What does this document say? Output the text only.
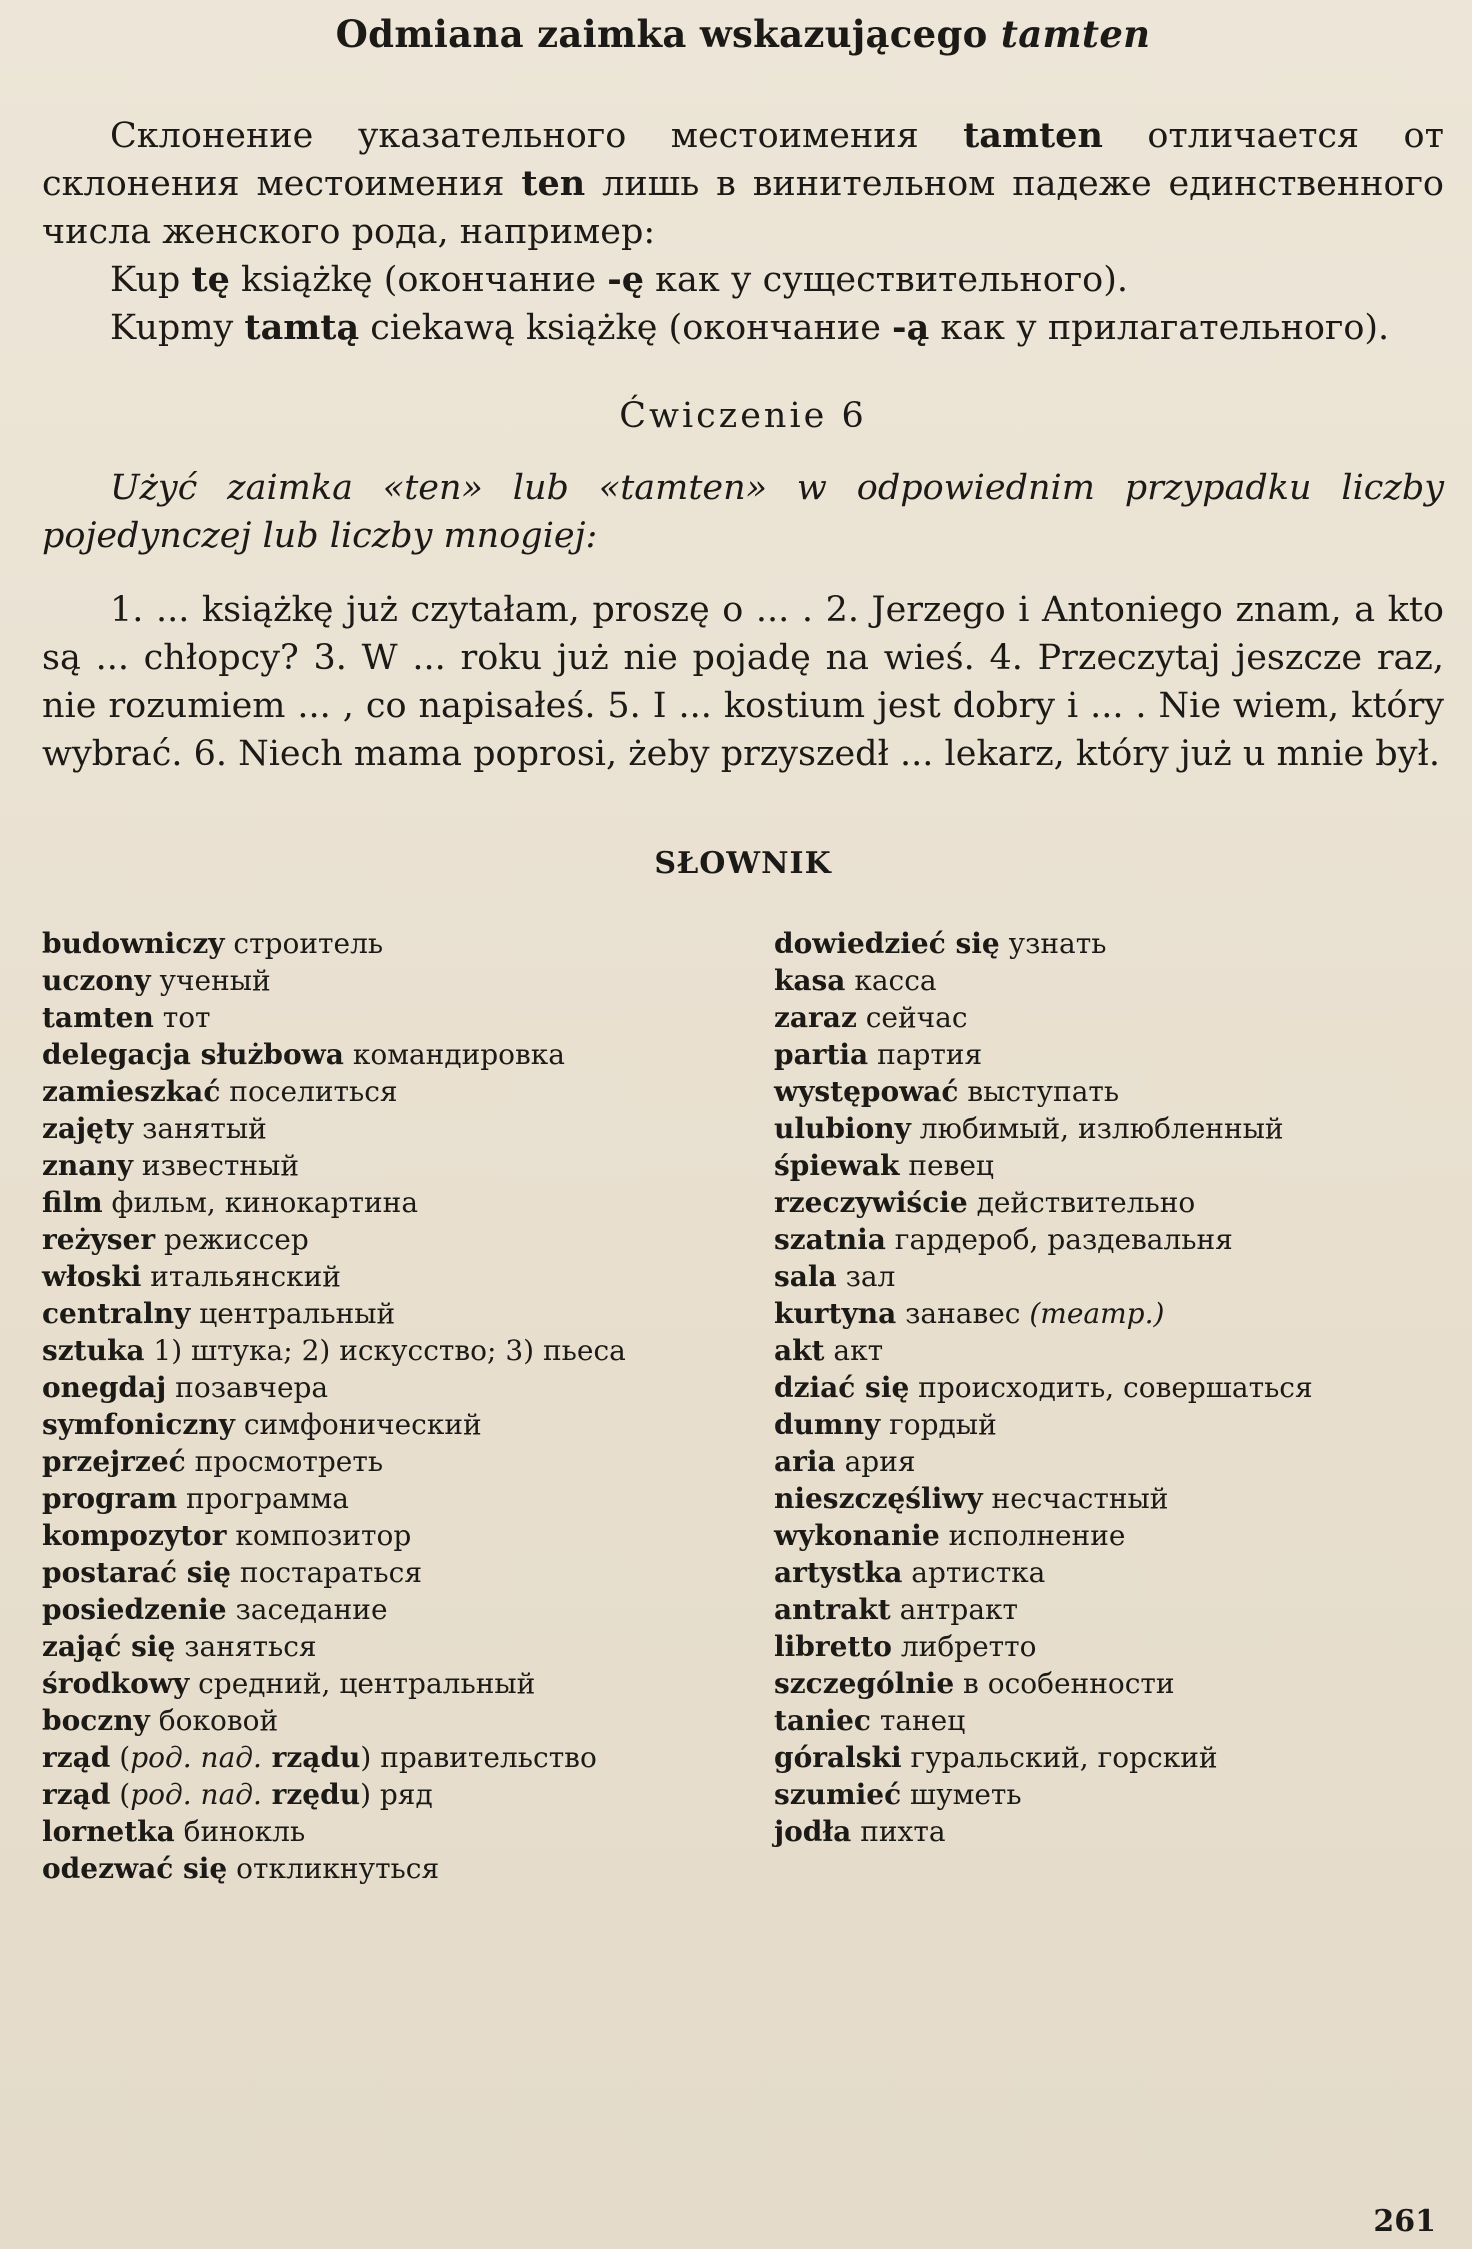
Odmiana zaimka wskazującego tamten

Склонение указательного местоимения tamten отличается от склонения местоимения ten лишь в винительном падеже единственного числа женского рода, например:

Kup tę książkę (окончание -ę как у существительного).

Kupmy tamtą ciekawą książkę (окончание -ą как у прилагательного).

Ćwiczenie 6

Użyć zaimka «ten» lub «tamten» w odpowiednim przypadku liczby pojedynczej lub liczby mnogiej:

1. ... książkę już czytałam, proszę o ... . 2. Jerzego i Antoniego znam, a kto są ... chłopcy? 3. W ... roku już nie pojadę na wieś. 4. Przeczytaj jeszcze raz, nie rozumiem ... , co napisałeś. 5. I ... kostium jest dobry i ... . Nie wiem, który wybrać. 6. Niech mama poprosi, żeby przyszedł ... lekarz, który już u mnie był.

SŁOWNIK
budowniczy строитель
uczony ученый
tamten тот
delegacja służbowa командировка
zamieszkać поселиться
zajęty занятый
znany известный
film фильм, кинокартина
reżyser режиссер
włoski итальянский
centralny центральный
sztuka 1) штука; 2) искусство; 3) пьеса
onegdaj позавчера
symfoniczny симфонический
przejrzeć просмотреть
program программа
kompozytor композитор
postarać się постараться
posiedzenie заседание
zająć się заняться
środkowy средний, центральный
boczny боковой
rząd (род. пад. rządu) правительство
rząd (род. пад. rzędu) ряд
lornetka бинокль
odezwać się откликнуться
dowiedzieć się узнать
kasa касса
zaraz сейчас
partia партия
występować выступать
ulubiony любимый, излюбленный
śpiewak певец
rzeczywiście действительно
szatnia гардероб, раздевальня
sala зал
kurtyna занавес (театр.)
akt акт
dziać się происходить, совершаться
dumny гордый
aria ария
nieszczęśliwy несчастный
wykonanie исполнение
artystka артистка
antrakt антракт
libretto либретто
szczególnie в особенности
taniec танец
góralski гуральский, горский
szumieć шуметь
jodła пихта
261
